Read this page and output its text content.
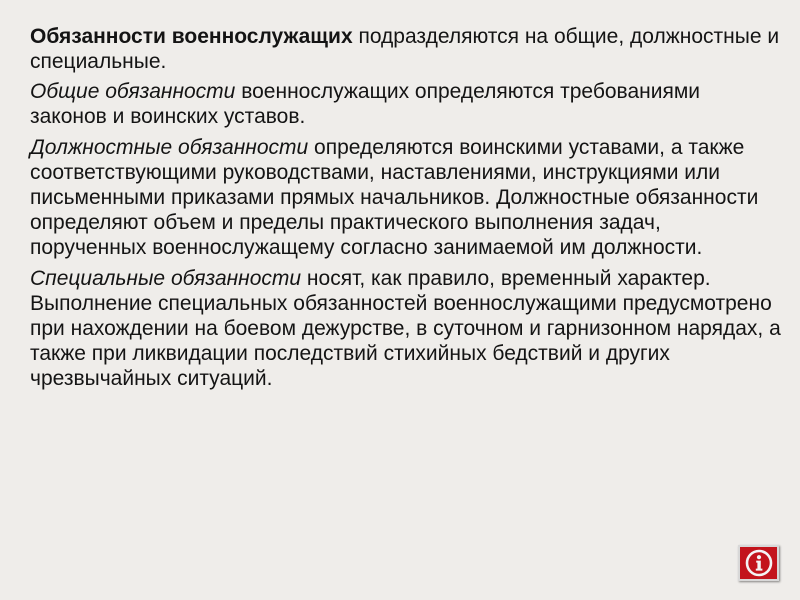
Обязанности военнослужащих подразделяются на общие, должностные и специальные.

Общие обязанности военнослужащих определяются требованиями законов и воинских уставов.

Должностные обязанности определяются воинскими уставами, а также соответствующими руководствами, наставлениями, инструкциями или письменными приказами прямых начальников. Должностные обязанности определяют объем и пределы практического выполнения задач, порученных военнослужащему согласно занимаемой им должности.

Специальные обязанности носят, как правило, временный характер. Выполнение специальных обязанностей военнослужащими предусмотрено при нахождении на боевом дежурстве, в суточном и гарнизонном нарядах, а также при ликвидации последствий стихийных бедствий и других чрезвычайных ситуаций.
